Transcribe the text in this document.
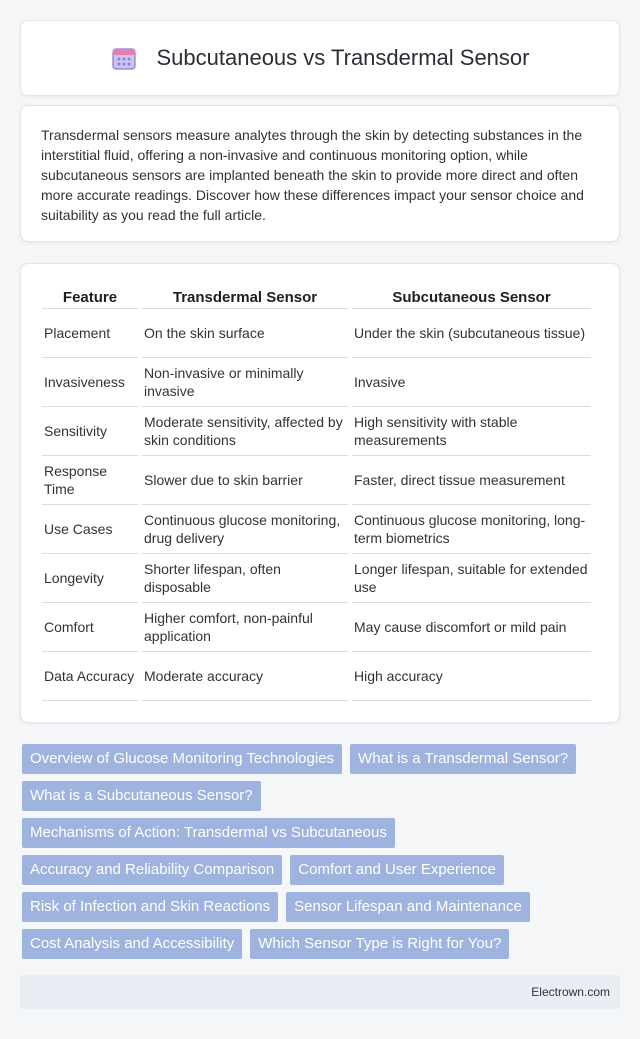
Subcutaneous vs Transdermal Sensor

Transdermal sensors measure analytes through the skin by detecting substances in the interstitial fluid, offering a non-invasive and continuous monitoring option, while subcutaneous sensors are implanted beneath the skin to provide more direct and often more accurate readings. Discover how these differences impact your sensor choice and suitability as you read the full article.

Feature	Transdermal Sensor	Subcutaneous Sensor
Placement	On the skin surface	Under the skin (subcutaneous tissue)
Invasiveness	Non-invasive or minimally invasive	Invasive
Sensitivity	Moderate sensitivity, affected by skin conditions	High sensitivity with stable measurements
Response Time	Slower due to skin barrier	Faster, direct tissue measurement
Use Cases	Continuous glucose monitoring, drug delivery	Continuous glucose monitoring, long-term biometrics
Longevity	Shorter lifespan, often disposable	Longer lifespan, suitable for extended use
Comfort	Higher comfort, non-painful application	May cause discomfort or mild pain
Data Accuracy	Moderate accuracy	High accuracy
Overview of Glucose Monitoring Technologies	What is a Transdermal Sensor?
What is a Subcutaneous Sensor?
Mechanisms of Action: Transdermal vs Subcutaneous
Accuracy and Reliability Comparison	Comfort and User Experience
Risk of Infection and Skin Reactions	Sensor Lifespan and Maintenance
Cost Analysis and Accessibility	Which Sensor Type is Right for You?
Electrown.com
